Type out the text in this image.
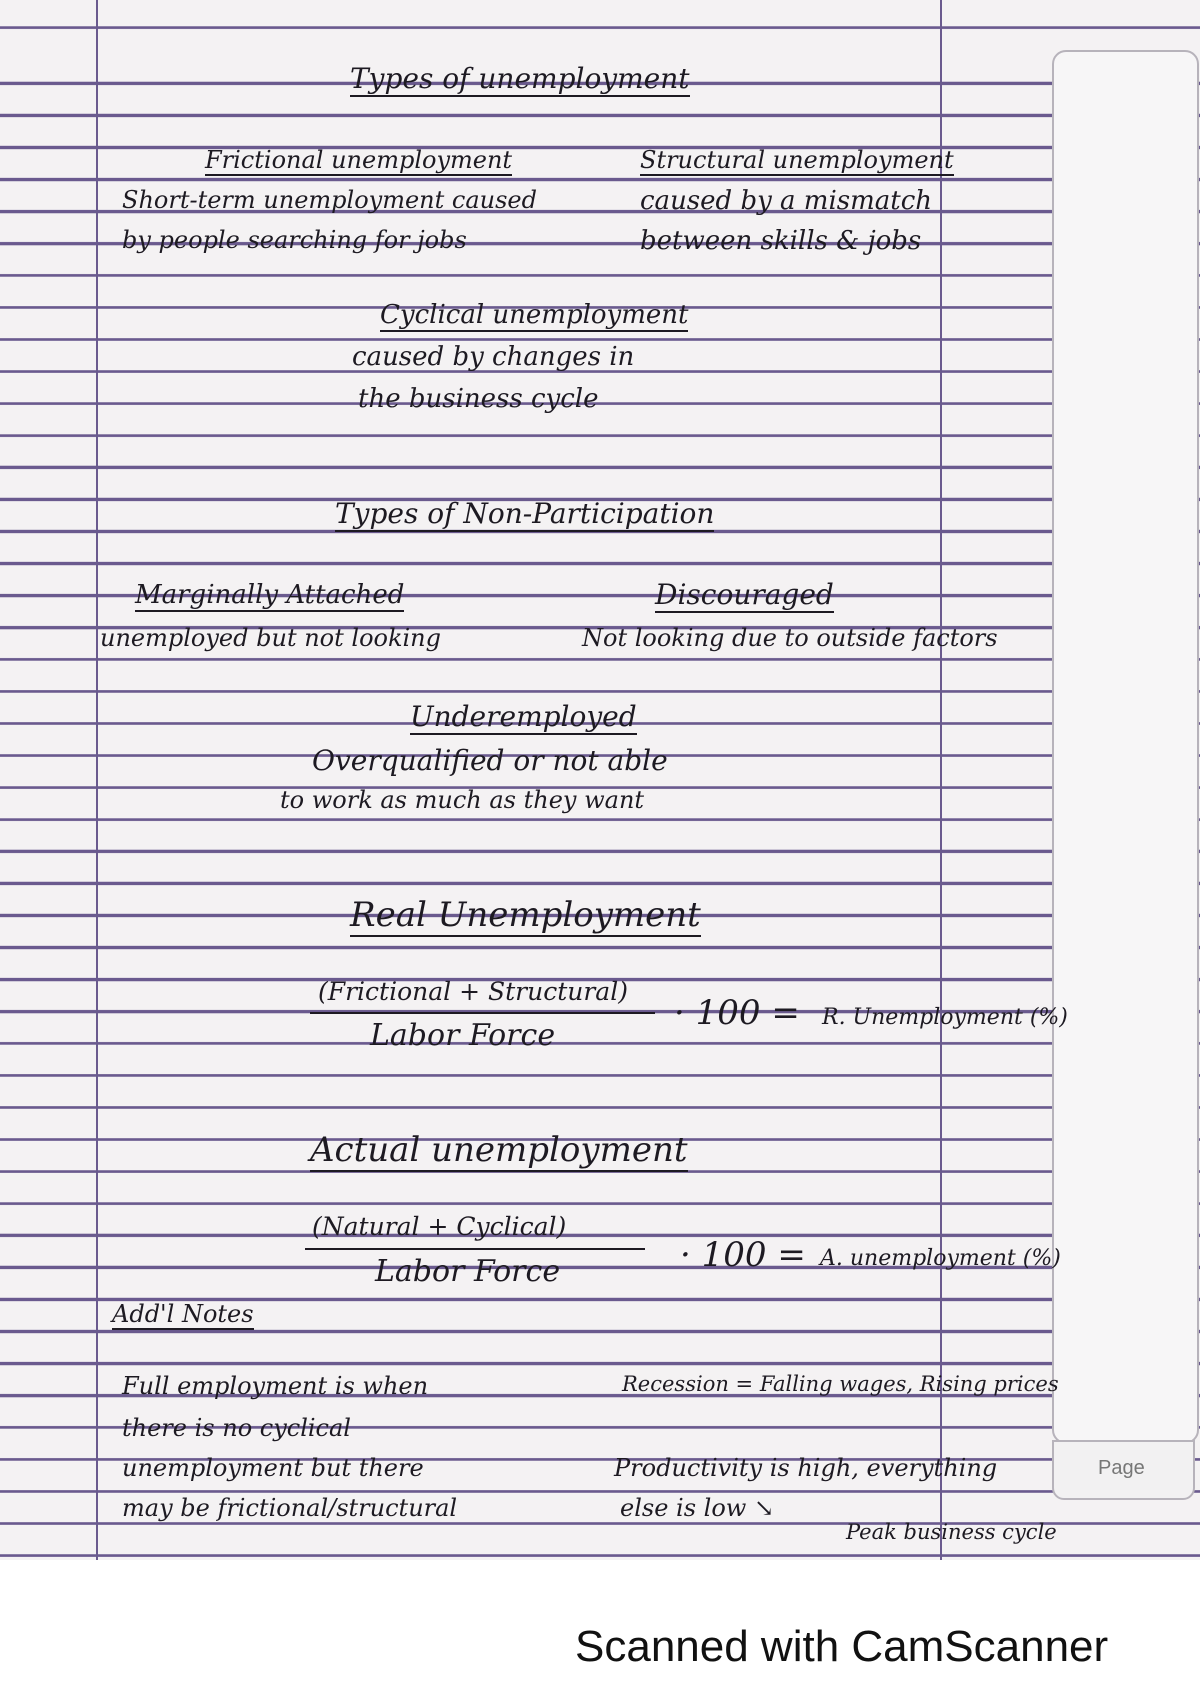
Page
Types of unemployment
Frictional unemployment
Short-term unemployment caused
by people searching for jobs
Structural unemployment
caused by a mismatch
between skills & jobs
Cyclical unemployment
caused by changes in
the business cycle
Types of Non-Participation
Marginally Attached
unemployed but not looking
Discouraged
Not looking due to outside factors
Underemployed
Overqualified or not able
to work as much as they want
Real Unemployment
(Frictional + Structural)
Labor Force
· 100 = R. Unemployment (%)
Actual unemployment
(Natural + Cyclical)
Labor Force	· 100 = A. unemployment (%)
Add'l Notes
Full employment is when
there is no cyclical
unemployment but there
may be frictional/structural
Recession = Falling wages, Rising prices
Productivity is high, everything
else is low ↘
Peak business cycle
Scanned with CamScanner
